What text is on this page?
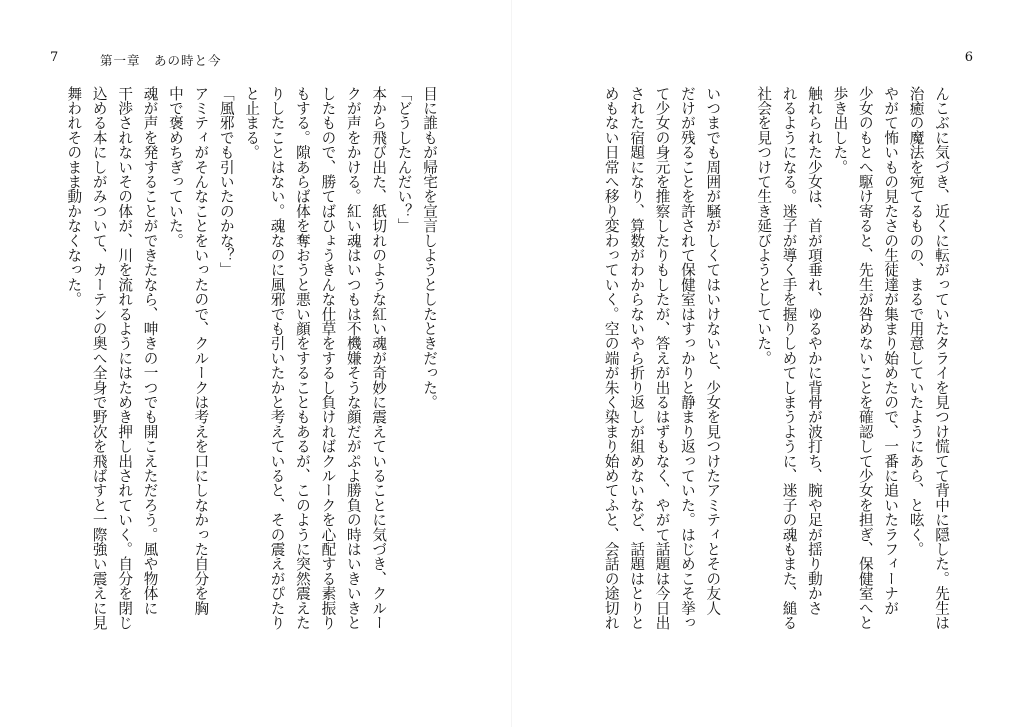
7	第一章　あの時と今

目に誰もが帰宅を宣言しようとしたときだった。

「どうしたんだい？」

本から飛び出た、紙切れのような紅い魂が奇妙に震えていることに気づき、クルー

クが声をかける。紅い魂はいつもは不機嫌そうな顔だがぷよ勝負の時はいきいきと

したもので、勝てばひょうきんな仕草をするし負ければクルークを心配する素振り

もする。隙あらば体を奪おうと悪い顔をすることもあるが、このように突然震えた

りしたことはない。魂なのに風邪でも引いたかと考えていると、その震えがぴたり

と止まる。

「風邪でも引いたのかな？」

アミティがそんなことをいったので、クルークは考えを口にしなかった自分を胸

中で褒めちぎっていた。

魂が声を発することができたなら、呻きの一つでも開こえただろう。風や物体に

干渉されないその体が、川を流れるようにはためき押し出されていく。自分を閉じ

込める本にしがみついて、カーテンの奥へ全身で野次を飛ばすと一際強い震えに見

舞われそのまま動かなくなった。

6

んこぶに気づき、近くに転がっていたタライを見つけ慌てて背中に隠した。先生は

治癒の魔法を宛てるものの、まるで用意していたようにあら、と呟く。

やがて怖いもの見たさの生徒達が集まり始めたので、一番に追いたラフィーナが

少女のもとへ駆け寄ると、先生が咎めないことを確認して少女を担ぎ、保健室へと

歩き出した。

触れられた少女は、首が項垂れ、ゆるやかに背骨が波打ち、腕や足が揺り動かさ

れるようになる。迷子が導く手を握りしめてしまうように、迷子の魂もまた、縋る

社会を見つけて生き延びようとしていた。

いつまでも周囲が騒がしくてはいけないと、少女を見つけたアミティとその友人

だけが残ることを許されて保健室はすっかりと静まり返っていた。はじめこそ挙っ

て少女の身元を推察したりもしたが、答えが出るはずもなく、やがて話題は今日出

された宿題になり、算数がわからないやら折り返しが組めないなど、話題はとりと

めもない日常へ移り変わっていく。空の端が朱く染まり始めてふと、会話の途切れ
